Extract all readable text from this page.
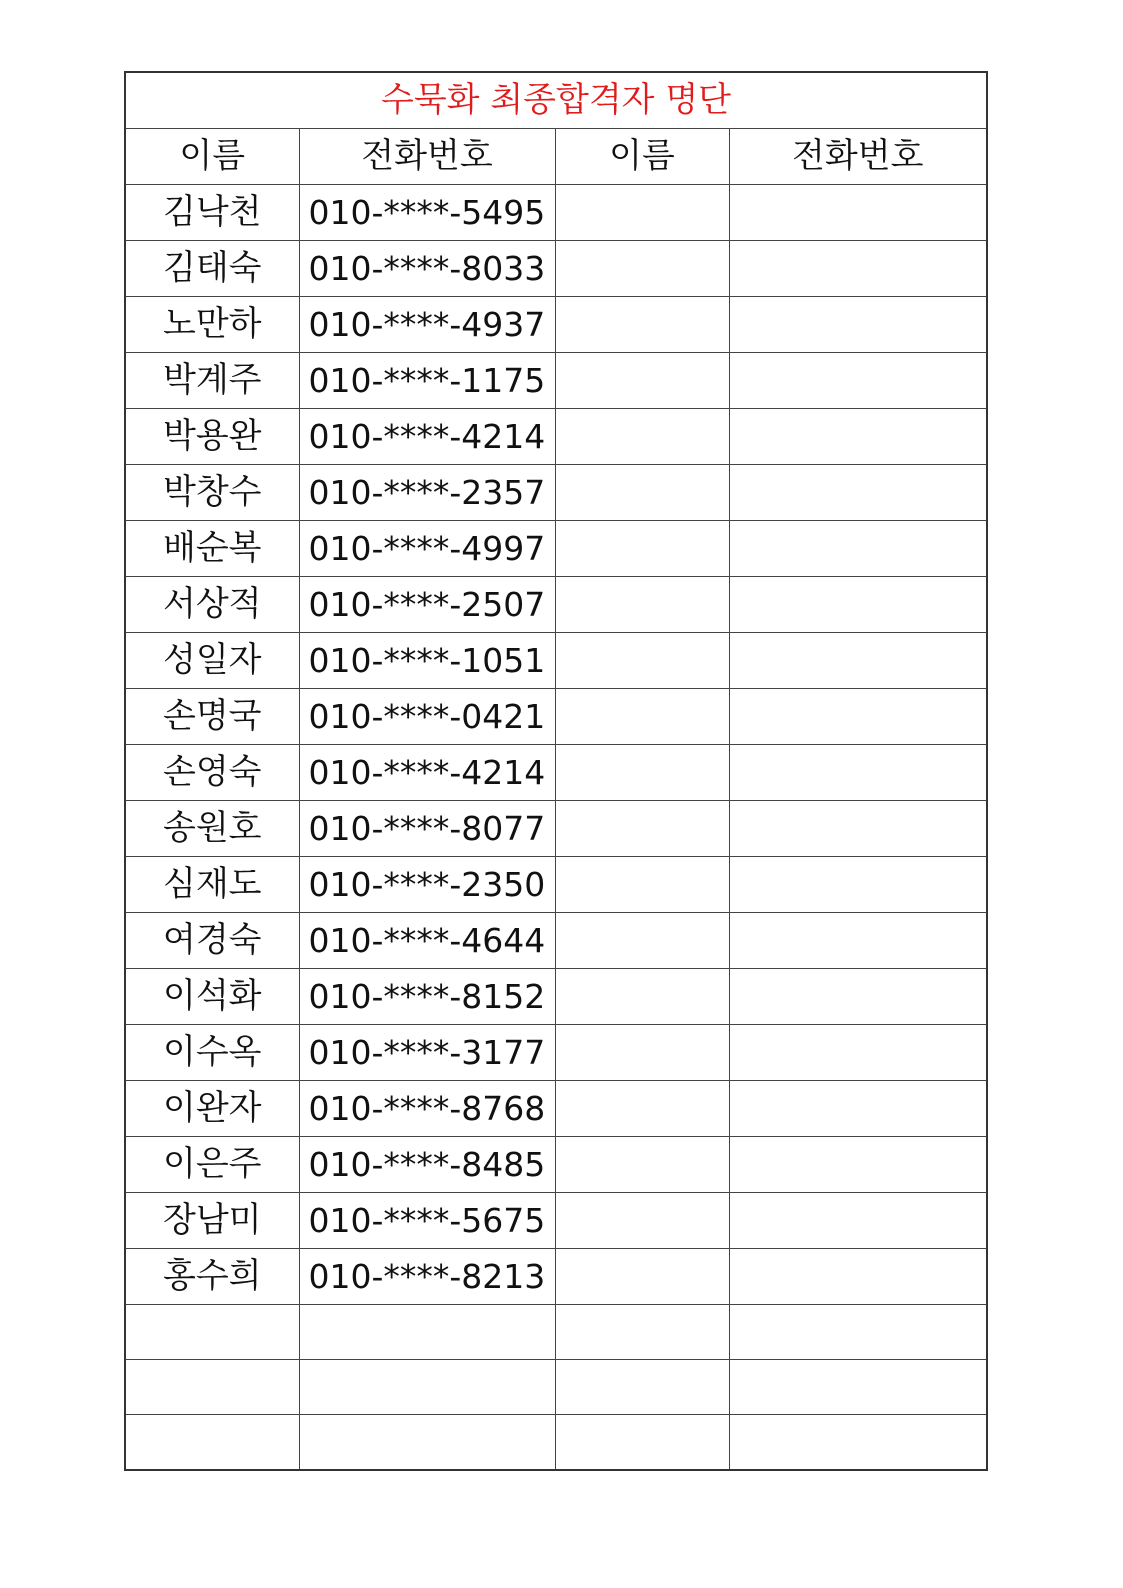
수묵화 최종합격자 명단			
이름	전화번호	이름	전화번호
김낙천	010-****-5495		
김태숙	010-****-8033		
노만하	010-****-4937		
박계주	010-****-1175		
박용완	010-****-4214		
박창수	010-****-2357		
배순복	010-****-4997		
서상적	010-****-2507		
성일자	010-****-1051		
손명국	010-****-0421		
손영숙	010-****-4214		
송원호	010-****-8077		
심재도	010-****-2350		
여경숙	010-****-4644		
이석화	010-****-8152		
이수옥	010-****-3177		
이완자	010-****-8768		
이은주	010-****-8485		
장남미	010-****-5675		
홍수희	010-****-8213		
